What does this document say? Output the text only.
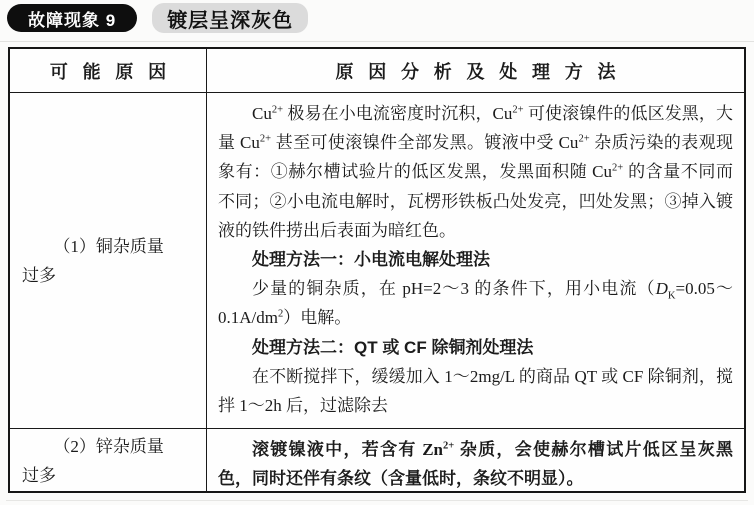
故障现象 9	镀层呈深灰色
可能原因	原因分析及处理方法
（1）铜杂质量
过多

$Cu^{2+}$ 极易在小电流密度时沉积，$Cu^{2+}$ 可使滚镍件的低区发黑，大量 $Cu^{2+}$ 甚至可使滚镍件全部发黑。镀液中受 $Cu^{2+}$ 杂质污染的表观现象有：①赫尔槽试验片的低区发黑，发黑面积随 $Cu^{2+}$ 的含量不同而不同；②小电流电解时，瓦楞形铁板凸处发亮，凹处发黑；③掉入镀液的铁件捞出后表面为暗红色。

处理方法一：小电流电解处理法

少量的铜杂质，在 pH=2～3 的条件下，用小电流$(D_K=0.05\sim 0.1A/dm^2)$电解。

处理方法二：QT 或 CF 除铜剂处理法

在不断搅拌下，缓缓加入 1～2mg/L 的商品 QT 或 CF 除铜剂，搅拌 1～2h 后，过滤除去

（2）锌杂质量
过多

滚镀镍液中，若含有 $Zn^{2+}$ 杂质，会使赫尔槽试片低区呈灰黑色，同时还伴有条纹（含量低时，条纹不明显）。
